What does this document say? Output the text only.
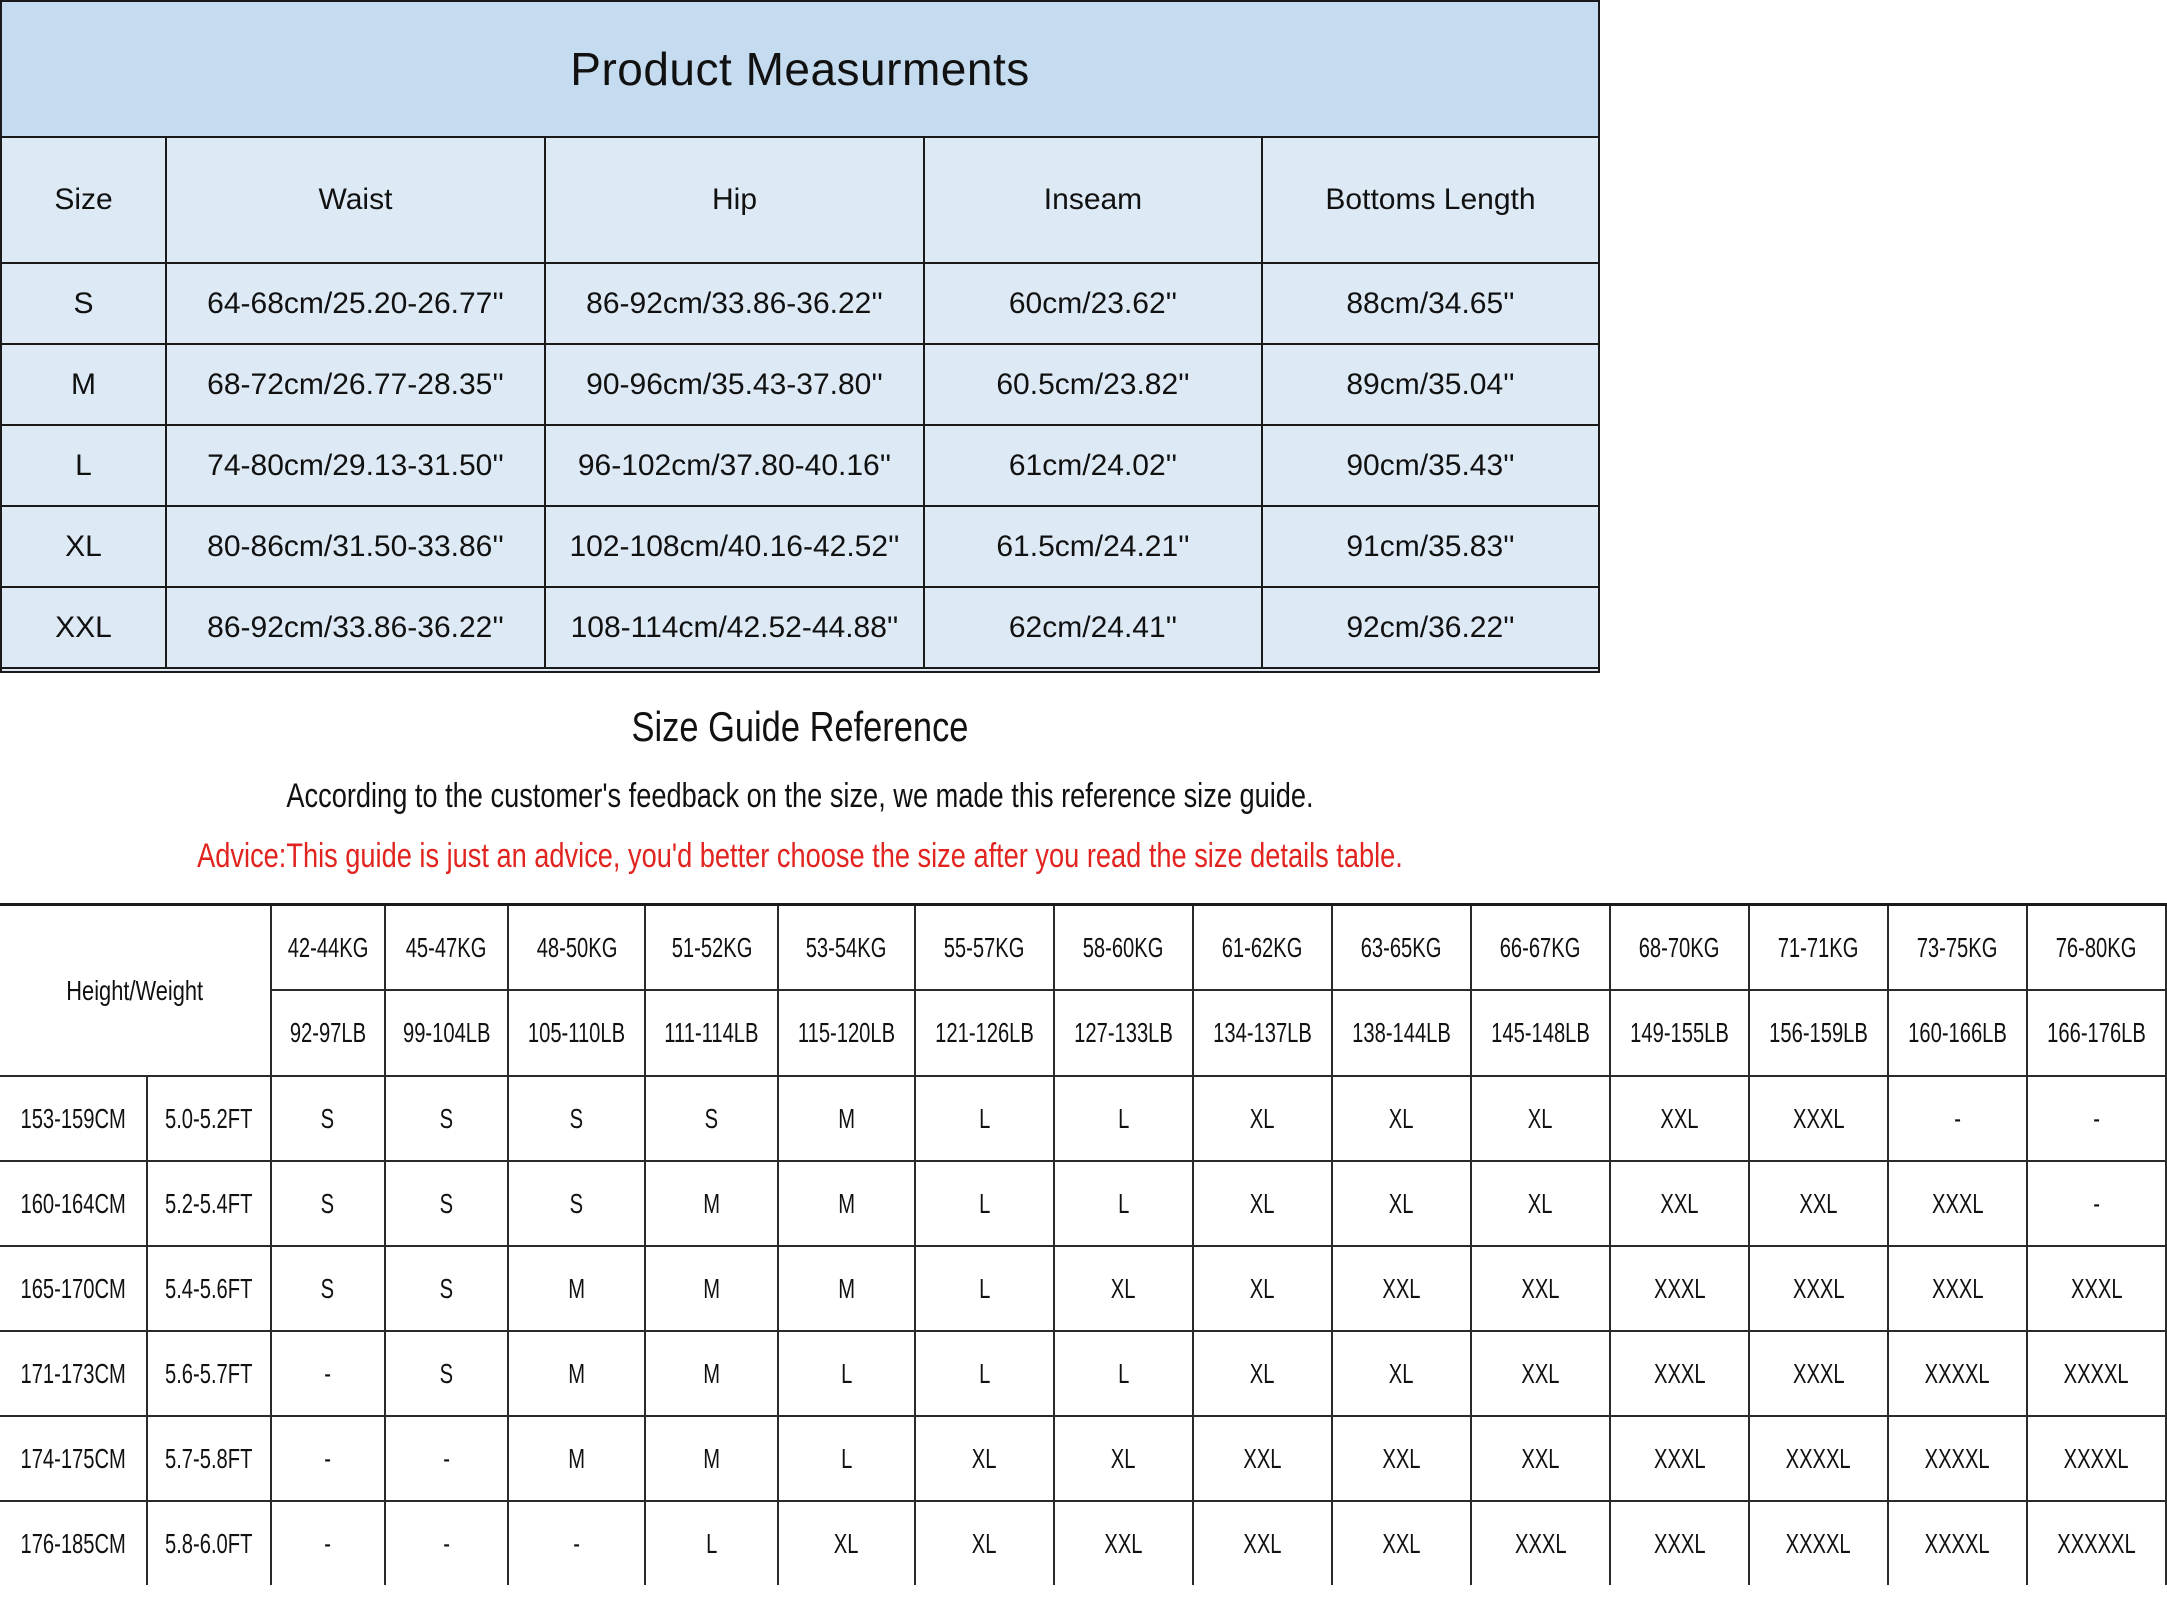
Product Measurments
Size	Waist	Hip	Inseam	Bottoms Length
S	64-68cm/25.20-26.77''	86-92cm/33.86-36.22''	60cm/23.62''	88cm/34.65''
M	68-72cm/26.77-28.35''	90-96cm/35.43-37.80''	60.5cm/23.82''	89cm/35.04''
L	74-80cm/29.13-31.50''	96-102cm/37.80-40.16''	61cm/24.02''	90cm/35.43''
XL	80-86cm/31.50-33.86''	102-108cm/40.16-42.52''	61.5cm/24.21''	91cm/35.83''
XXL	86-92cm/33.86-36.22''	108-114cm/42.52-44.88''	62cm/24.41''	92cm/36.22''
Size Guide Reference
According to the customer's feedback on the size, we made this reference size guide.
Advice:This guide is just an advice, you'd better choose the size after you read the size details table.
Height/Weight		42-44KG	45-47KG	48-50KG	51-52KG	53-54KG	55-57KG	58-60KG	61-62KG	63-65KG	66-67KG	68-70KG	71-71KG	73-75KG	76-80KG
		92-97LB	99-104LB	105-110LB	111-114LB	115-120LB	121-126LB	127-133LB	134-137LB	138-144LB	145-148LB	149-155LB	156-159LB	160-166LB	166-176LB
153-159CM	5.0-5.2FT	S	S	S	S	M	L	L	XL	XL	XL	XXL	XXXL	-	-
160-164CM	5.2-5.4FT	S	S	S	M	M	L	L	XL	XL	XL	XXL	XXL	XXXL	-
165-170CM	5.4-5.6FT	S	S	M	M	M	L	XL	XL	XXL	XXL	XXXL	XXXL	XXXL	XXXL
171-173CM	5.6-5.7FT	-	S	M	M	L	L	L	XL	XL	XXL	XXXL	XXXL	XXXXL	XXXXL
174-175CM	5.7-5.8FT	-	-	M	M	L	XL	XL	XXL	XXL	XXL	XXXL	XXXXL	XXXXL	XXXXL
176-185CM	5.8-6.0FT	-	-	-	L	XL	XL	XXL	XXL	XXL	XXXL	XXXL	XXXXL	XXXXL	XXXXXL
